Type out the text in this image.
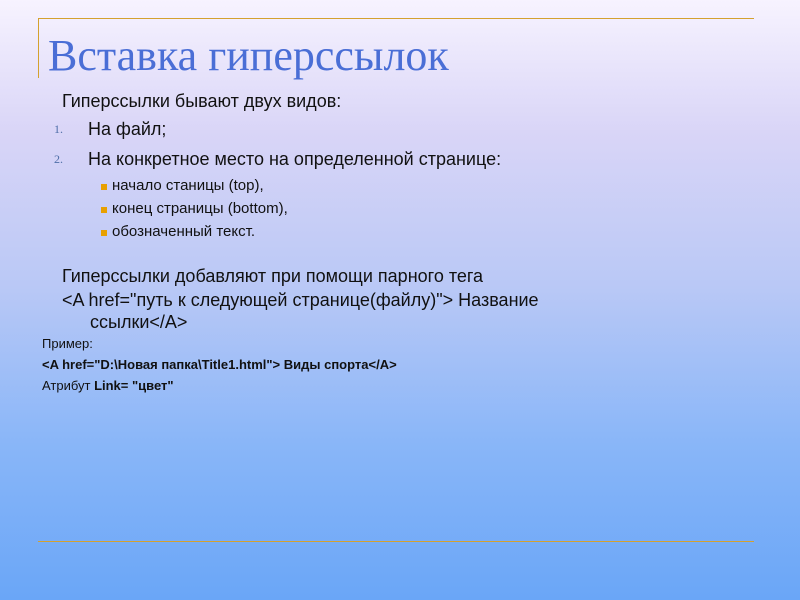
Вставка гиперссылок
Гиперссылки бывают двух видов:
1. На файл;
2. На конкретное место на определенной странице:
начало станицы (top),
конец страницы (bottom),
обозначенный текст.
Гиперссылки добавляют при помощи парного тега
<A href="путь к следующей странице(файлу)"> Название
ссылки</A>
Пример:
<A href="D:\Новая папка\Title1.html"> Виды спорта</A>
Атрибут Link= "цвет"
